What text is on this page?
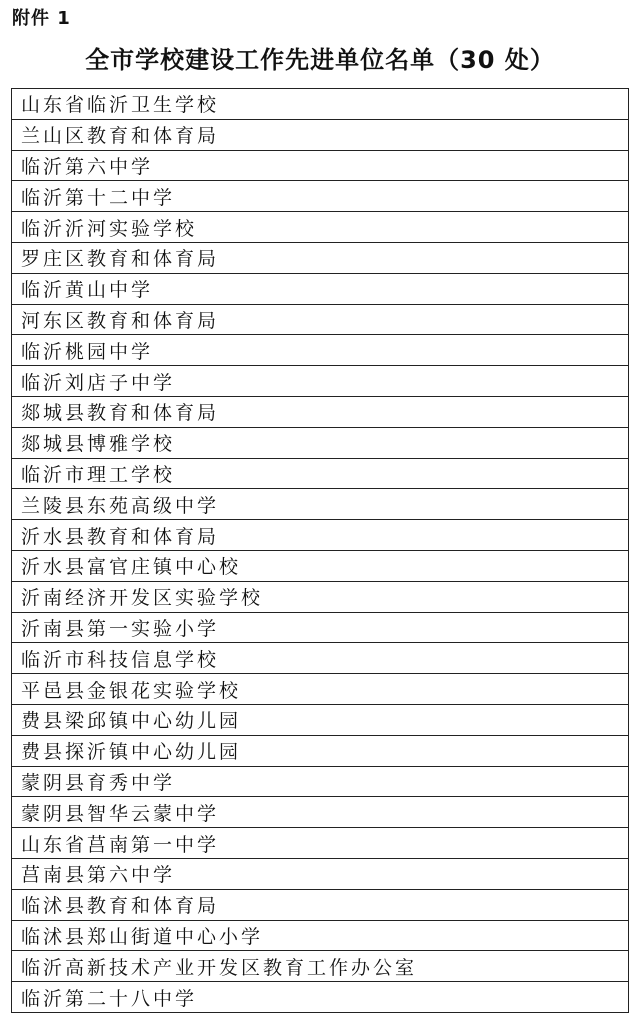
附件 1
全市学校建设工作先进单位名单（30 处）
山东省临沂卫生学校
兰山区教育和体育局
临沂第六中学
临沂第十二中学
临沂沂河实验学校
罗庄区教育和体育局
临沂黄山中学
河东区教育和体育局
临沂桃园中学
临沂刘店子中学
郯城县教育和体育局
郯城县博雅学校
临沂市理工学校
兰陵县东苑高级中学
沂水县教育和体育局
沂水县富官庄镇中心校
沂南经济开发区实验学校
沂南县第一实验小学
临沂市科技信息学校
平邑县金银花实验学校
费县梁邱镇中心幼儿园
费县探沂镇中心幼儿园
蒙阴县育秀中学
蒙阴县智华云蒙中学
山东省莒南第一中学
莒南县第六中学
临沭县教育和体育局
临沭县郑山街道中心小学
临沂高新技术产业开发区教育工作办公室
临沂第二十八中学
